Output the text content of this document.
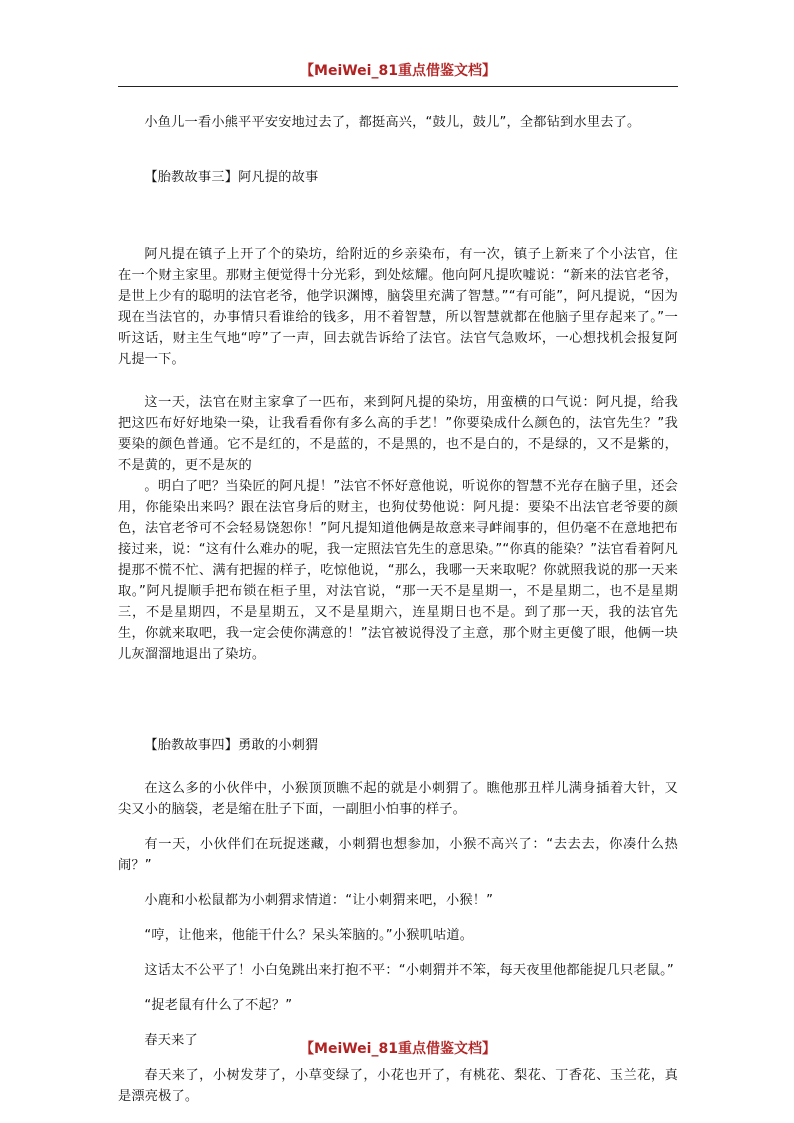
【MeiWei_81重点借鉴文档】

小鱼儿一看小熊平平安安地过去了，都挺高兴，“鼓儿，鼓儿”，全都钻到水里去了。

【胎教故事三】阿凡提的故事

阿凡提在镇子上开了个的染坊，给附近的乡亲染布，有一次，镇子上新来了个小法官，住在一个财主家里。那财主便觉得十分光彩，到处炫耀。他向阿凡提吹嘘说：“新来的法官老爷，是世上少有的聪明的法官老爷，他学识渊博，脑袋里充满了智慧。”“有可能”，阿凡提说，“因为现在当法官的，办事情只看谁给的钱多，用不着智慧，所以智慧就都在他脑子里存起来了。”一听这话，财主生气地“哼”了一声，回去就告诉给了法官。法官气急败坏，一心想找机会报复阿凡提一下。

这一天，法官在财主家拿了一匹布，来到阿凡提的染坊，用蛮横的口气说：阿凡提，给我把这匹布好好地染一染，让我看看你有多么高的手艺！”你要染成什么颜色的，法官先生？”我要染的颜色普通。它不是红的，不是蓝的，不是黑的，也不是白的，不是绿的，又不是紫的，不是黄的，更不是灰的

。明白了吧？当染匠的阿凡提！”法官不怀好意他说，听说你的智慧不光存在脑子里，还会用，你能染出来吗？跟在法官身后的财主，也狗仗势他说：阿凡提：要染不出法官老爷要的颜色，法官老爷可不会轻易饶恕你！”阿凡提知道他俩是故意来寻衅闹事的，但仍毫不在意地把布接过来，说：“这有什么难办的呢，我一定照法官先生的意思染。”“你真的能染？”法官看着阿凡提那不慌不忙、满有把握的样子，吃惊他说，“那么，我哪一天来取呢？你就照我说的那一天来取。”阿凡提顺手把布锁在柜子里，对法官说，“那一天不是星期一，不是星期二，也不是星期三，不是星期四，不是星期五，又不是星期六，连星期日也不是。到了那一天，我的法官先生，你就来取吧，我一定会使你满意的！”法官被说得没了主意，那个财主更傻了眼，他俩一块儿灰溜溜地退出了染坊。

【胎教故事四】勇敢的小刺猬

在这么多的小伙伴中，小猴顶顶瞧不起的就是小刺猬了。瞧他那丑样儿满身插着大针，又尖又小的脑袋，老是缩在肚子下面，一副胆小怕事的样子。

有一天，小伙伴们在玩捉迷藏，小刺猬也想参加，小猴不高兴了：“去去去，你凑什么热闹？”

小鹿和小松鼠都为小刺猬求情道：“让小刺猬来吧，小猴！”

“哼，让他来，他能干什么？呆头笨脑的。”小猴叽咕道。

这话太不公平了！小白兔跳出来打抱不平：“小刺猬并不笨，每天夜里他都能捉几只老鼠。”

“捉老鼠有什么了不起？”

春天来了

春天来了，小树发芽了，小草变绿了，小花也开了，有桃花、梨花、丁香花、玉兰花，真是漂亮极了。

【MeiWei_81重点借鉴文档】
